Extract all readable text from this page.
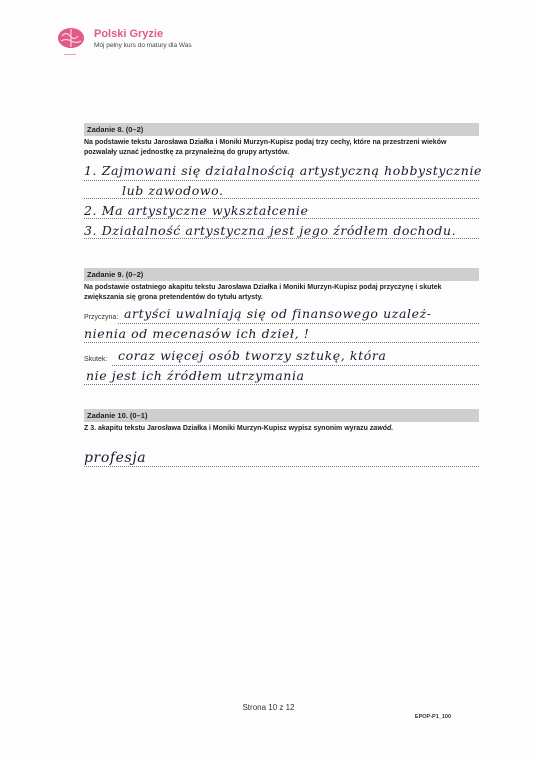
Polski Gryzie
Mój pełny kurs do matury dla Was
Zadanie 8. (0–2)
Na podstawie tekstu Jarosława Działka i Moniki Murzyn-Kupisz podaj trzy cechy, które na przestrzeni wieków pozwalały uznać jednostkę za przynależną do grupy artystów.
1. Zajmowani się działalnością artystyczną hobbystycznie
lub zawodowo.
2. Ma artystyczne wykształcenie
3. Działalność artystyczna jest jego źródłem dochodu.
Zadanie 9. (0–2)
Na podstawie ostatniego akapitu tekstu Jarosława Działka i Moniki Murzyn-Kupisz podaj przyczynę i skutek zwiększania się grona pretendentów do tytułu artysty.
Przyczyna: artyści uwalniają się od finansowego uzależ-
nienia od mecenasów ich dzieł, !
Skutek: coraz więcej osób tworzy sztukę, która
nie jest ich źródłem utrzymania
Zadanie 10. (0–1)
Z 3. akapitu tekstu Jarosława Działka i Moniki Murzyn-Kupisz wypisz synonim wyrazu zawód.
profesja
Strona 10 z 12
EPOP-P1_100
